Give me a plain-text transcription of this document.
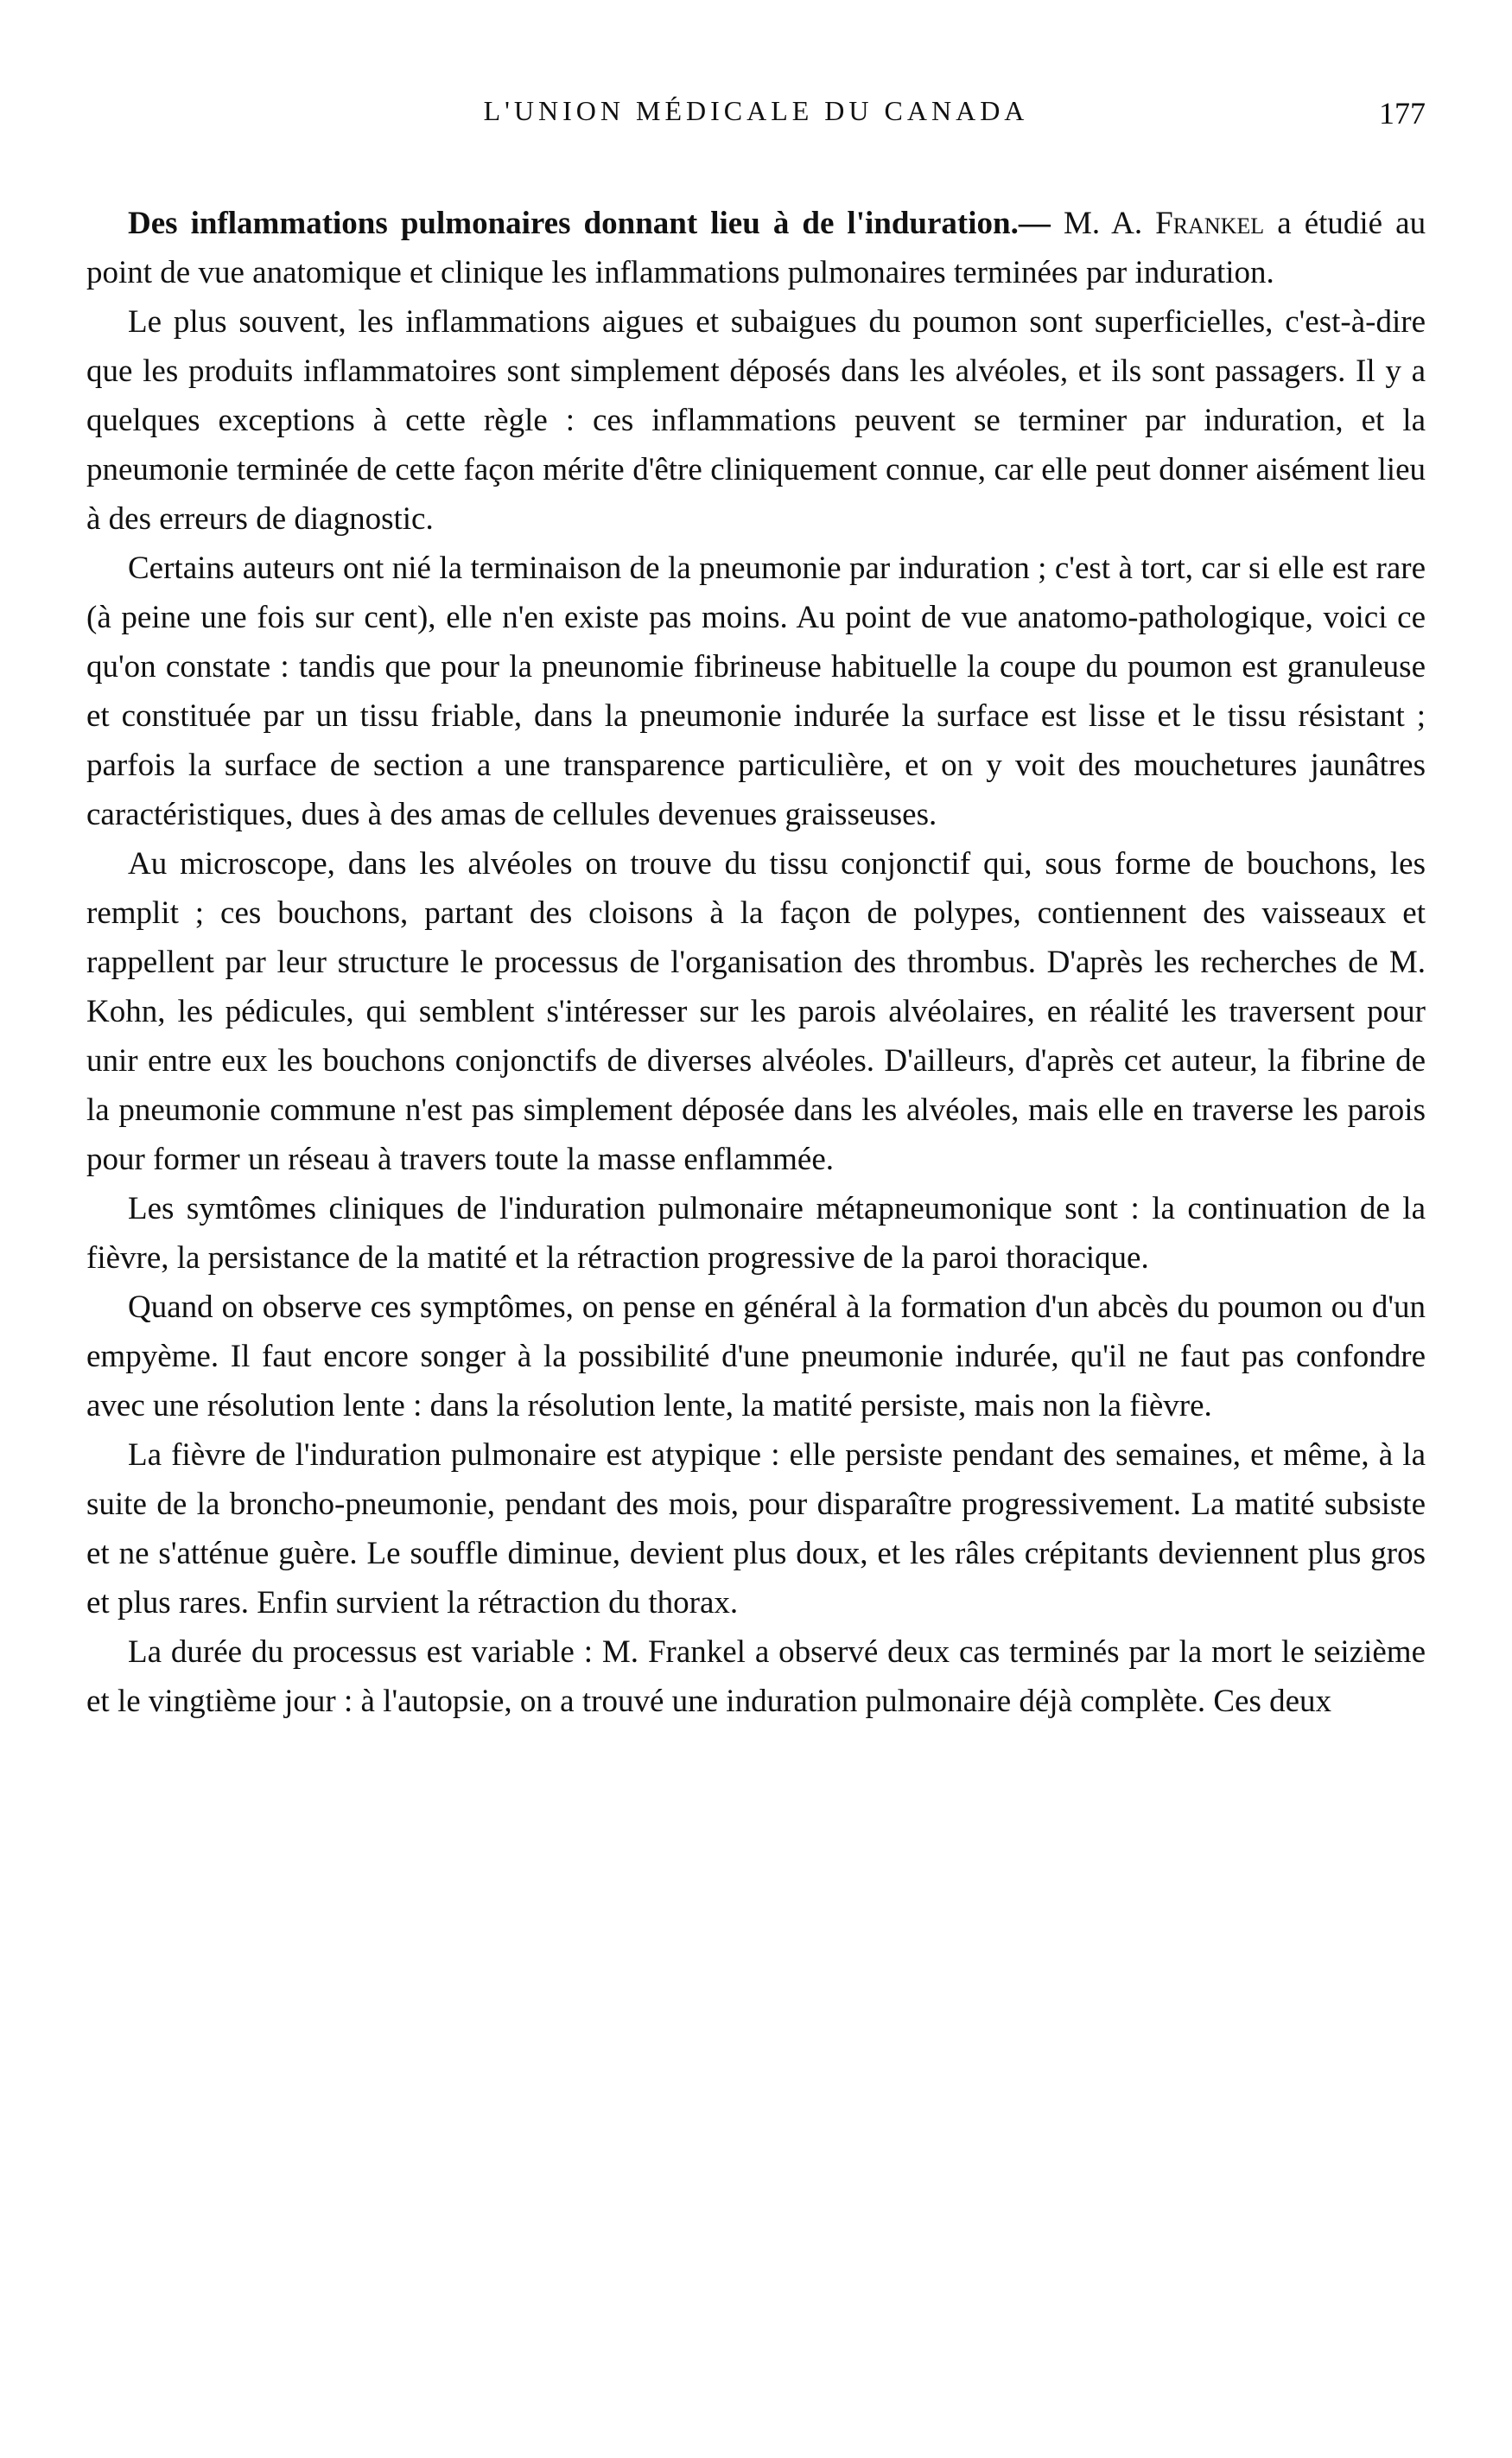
L'UNION MÉDICALE DU CANADA	177

Des inflammations pulmonaires donnant lieu à de l'induration.— M. A. Frankel a étudié au point de vue anatomique et clinique les inflammations pulmonaires terminées par induration.

Le plus souvent, les inflammations aigues et subaigues du poumon sont superficielles, c'est-à-dire que les produits inflammatoires sont simplement déposés dans les alvéoles, et ils sont passagers. Il y a quelques exceptions à cette règle : ces inflammations peuvent se terminer par induration, et la pneumonie terminée de cette façon mérite d'être cliniquement connue, car elle peut donner aisément lieu à des erreurs de diagnostic.

Certains auteurs ont nié la terminaison de la pneumonie par induration ; c'est à tort, car si elle est rare (à peine une fois sur cent), elle n'en existe pas moins. Au point de vue anatomo-pathologique, voici ce qu'on constate : tandis que pour la pneunomie fibrineuse habituelle la coupe du poumon est granuleuse et constituée par un tissu friable, dans la pneumonie indurée la surface est lisse et le tissu résistant ; parfois la surface de section a une transparence particulière, et on y voit des mouchetures jaunâtres caractéristiques, dues à des amas de cellules devenues graisseuses.

Au microscope, dans les alvéoles on trouve du tissu conjonctif qui, sous forme de bouchons, les remplit ; ces bouchons, partant des cloisons à la façon de polypes, contiennent des vaisseaux et rappellent par leur structure le processus de l'organisation des thrombus. D'après les recherches de M. Kohn, les pédicules, qui semblent s'intéresser sur les parois alvéolaires, en réalité les traversent pour unir entre eux les bouchons conjonctifs de diverses alvéoles. D'ailleurs, d'après cet auteur, la fibrine de la pneumonie commune n'est pas simplement déposée dans les alvéoles, mais elle en traverse les parois pour former un réseau à travers toute la masse enflammée.

Les symtômes cliniques de l'induration pulmonaire métapneumonique sont : la continuation de la fièvre, la persistance de la matité et la rétraction progressive de la paroi thoracique.

Quand on observe ces symptômes, on pense en général à la formation d'un abcès du poumon ou d'un empyème. Il faut encore songer à la possibilité d'une pneumonie indurée, qu'il ne faut pas confondre avec une résolution lente : dans la résolution lente, la matité persiste, mais non la fièvre.

La fièvre de l'induration pulmonaire est atypique : elle persiste pendant des semaines, et même, à la suite de la broncho-pneumonie, pendant des mois, pour disparaître progressivement. La matité subsiste et ne s'atténue guère. Le souffle diminue, devient plus doux, et les râles crépitants deviennent plus gros et plus rares. Enfin survient la rétraction du thorax.

La durée du processus est variable : M. Frankel a observé deux cas terminés par la mort le seizième et le vingtième jour : à l'autopsie, on a trouvé une induration pulmonaire déjà complète. Ces deux
